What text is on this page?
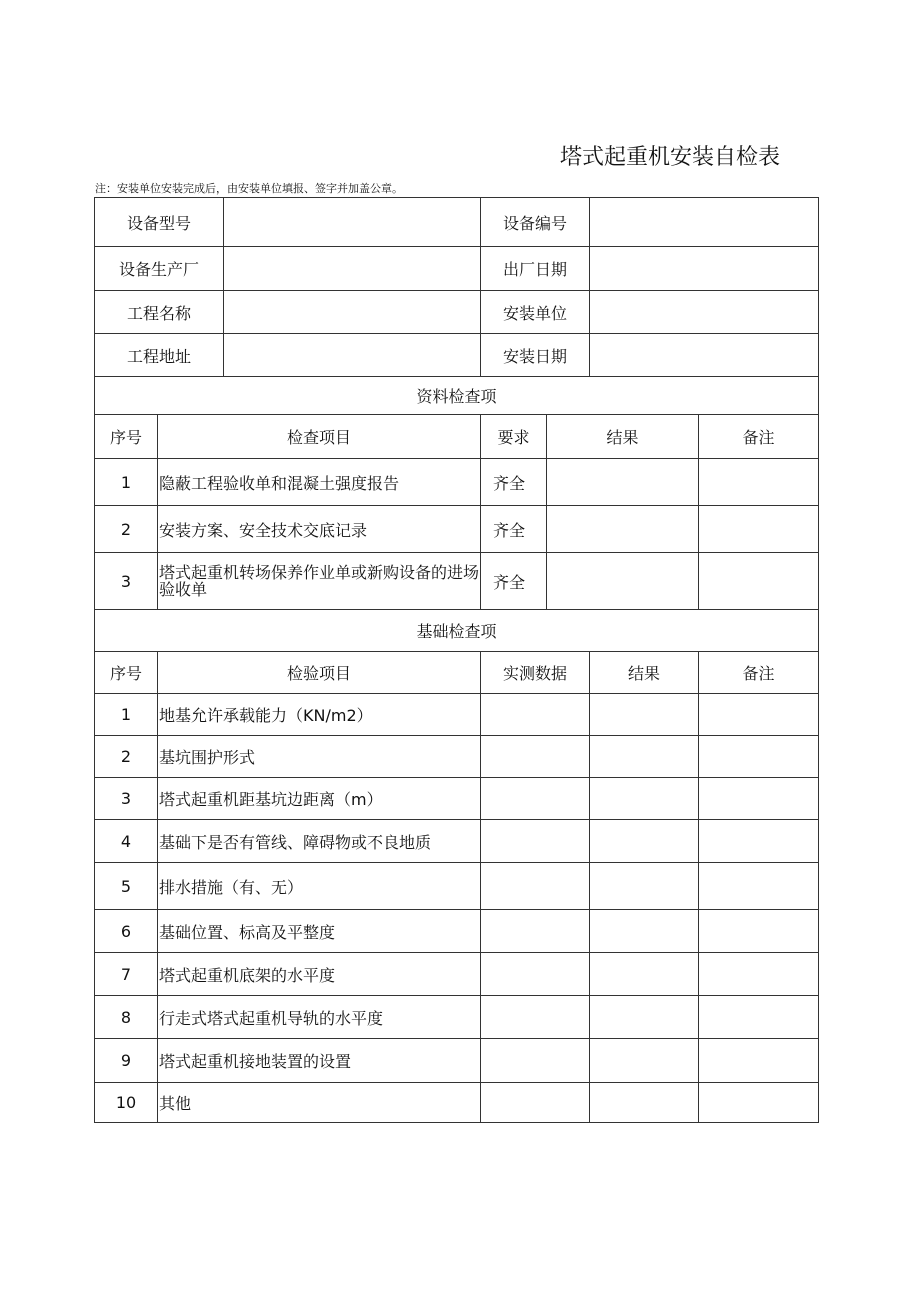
塔式起重机安装自检表
注：安装单位安装完成后，由安装单位填报、签字并加盖公章。
设备型号			设备编号			
设备生产厂			出厂日期			
工程名称			安装单位			
工程地址			安装日期			
资料检查项						
序号	检查项目		要求	结果		备注
1	隐蔽工程验收单和混凝土强度报告		齐全			
2	安装方案、安全技术交底记录		齐全			
3	塔式起重机转场保养作业单或新购设备的进场验收单		齐全			
基础检查项						
序号	检验项目		实测数据		结果	备注
1	地基允许承载能力（KN∕m2）					
2	基坑围护形式					
3	塔式起重机距基坑边距离（m）					
4	基础下是否有管线、障碍物或不良地质					
5	排水措施（有、无）					
6	基础位置、标高及平整度					
7	塔式起重机底架的水平度					
8	行走式塔式起重机导轨的水平度					
9	塔式起重机接地装置的设置					
10	其他					
